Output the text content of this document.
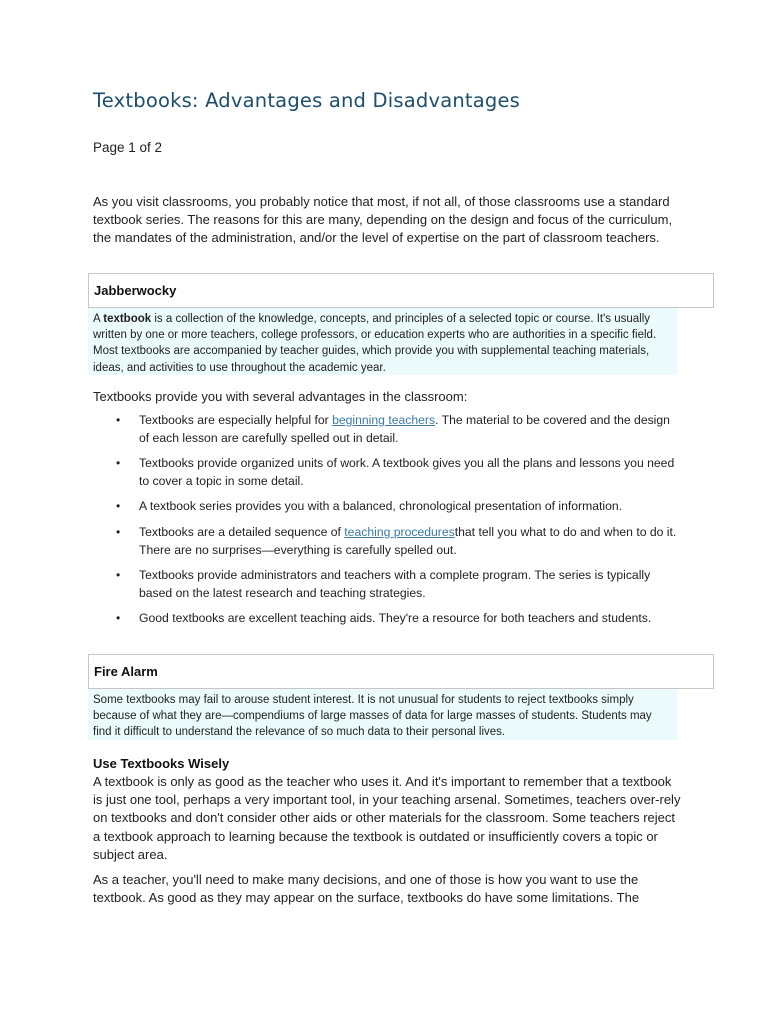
Textbooks: Advantages and Disadvantages

Page 1 of 2

As you visit classrooms, you probably notice that most, if not all, of those classrooms use a standard textbook series. The reasons for this are many, depending on the design and focus of the curriculum, the mandates of the administration, and/or the level of expertise on the part of classroom teachers.

Jabberwocky
A textbook is a collection of the knowledge, concepts, and principles of a selected topic or course. It's usually written by one or more teachers, college professors, or education experts who are authorities in a specific field. Most textbooks are accompanied by teacher guides, which provide you with supplemental teaching materials, ideas, and activities to use throughout the academic year.

Textbooks provide you with several advantages in the classroom:

• Textbooks are especially helpful for beginning teachers. The material to be covered and the design of each lesson are carefully spelled out in detail.
• Textbooks provide organized units of work. A textbook gives you all the plans and lessons you need to cover a topic in some detail.
• A textbook series provides you with a balanced, chronological presentation of information.
• Textbooks are a detailed sequence of teaching proceduresthat tell you what to do and when to do it. There are no surprises—everything is carefully spelled out.
• Textbooks provide administrators and teachers with a complete program. The series is typically based on the latest research and teaching strategies.
• Good textbooks are excellent teaching aids. They're a resource for both teachers and students.
Fire Alarm
Some textbooks may fail to arouse student interest. It is not unusual for students to reject textbooks simply because of what they are—compendiums of large masses of data for large masses of students. Students may find it difficult to understand the relevance of so much data to their personal lives.
Use Textbooks Wisely

A textbook is only as good as the teacher who uses it. And it's important to remember that a textbook is just one tool, perhaps a very important tool, in your teaching arsenal. Sometimes, teachers over-rely on textbooks and don't consider other aids or other materials for the classroom. Some teachers reject a textbook approach to learning because the textbook is outdated or insufficiently covers a topic or subject area.

As a teacher, you'll need to make many decisions, and one of those is how you want to use the textbook. As good as they may appear on the surface, textbooks do have some limitations. The
